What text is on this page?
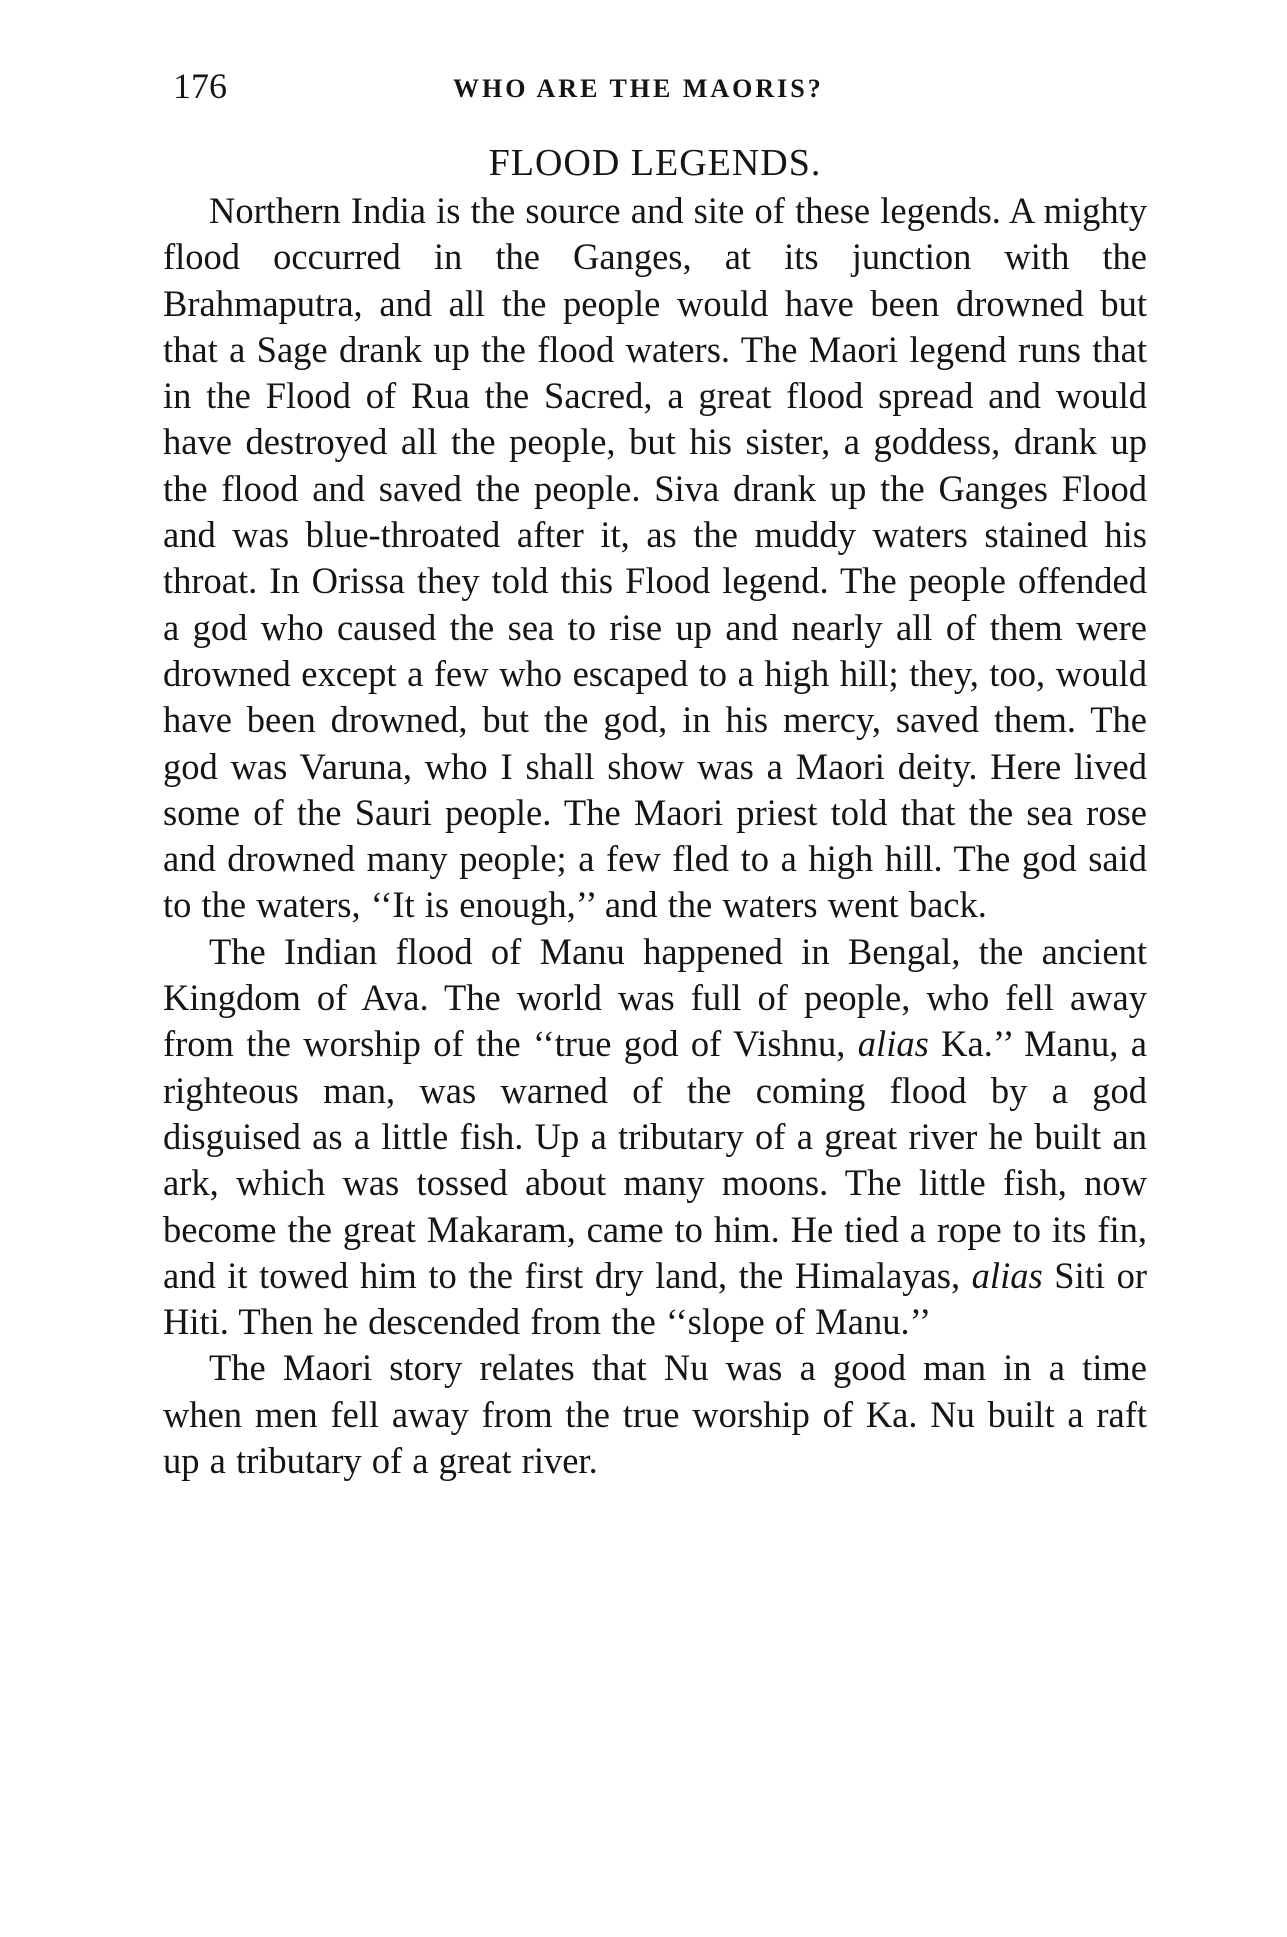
176	WHO ARE THE MAORIS?
FLOOD LEGENDS.

Northern India is the source and site of these legends. A mighty flood occurred in the Ganges, at its junction with the Brahmaputra, and all the people would have been drowned but that a Sage drank up the flood waters. The Maori legend runs that in the Flood of Rua the Sacred, a great flood spread and would have destroyed all the people, but his sister, a goddess, drank up the flood and saved the people. Siva drank up the Ganges Flood and was blue-throated after it, as the muddy waters stained his throat. In Orissa they told this Flood legend. The people offended a god who caused the sea to rise up and nearly all of them were drowned except a few who escaped to a high hill; they, too, would have been drowned, but the god, in his mercy, saved them. The god was Varuna, who I shall show was a Maori deity. Here lived some of the Sauri people. The Maori priest told that the sea rose and drowned many people; a few fled to a high hill. The god said to the waters, ‘‘It is enough,’’ and the waters went back.

The Indian flood of Manu happened in Bengal, the ancient Kingdom of Ava. The world was full of people, who fell away from the worship of the ‘‘true god of Vishnu, alias Ka.’’ Manu, a righteous man, was warned of the coming flood by a god disguised as a little fish. Up a tributary of a great river he built an ark, which was tossed about many moons. The little fish, now become the great Makaram, came to him. He tied a rope to its fin, and it towed him to the first dry land, the Himalayas, alias Siti or Hiti. Then he descended from the ‘‘slope of Manu.’’

The Maori story relates that Nu was a good man in a time when men fell away from the true worship of Ka. Nu built a raft up a tributary of a great river.
